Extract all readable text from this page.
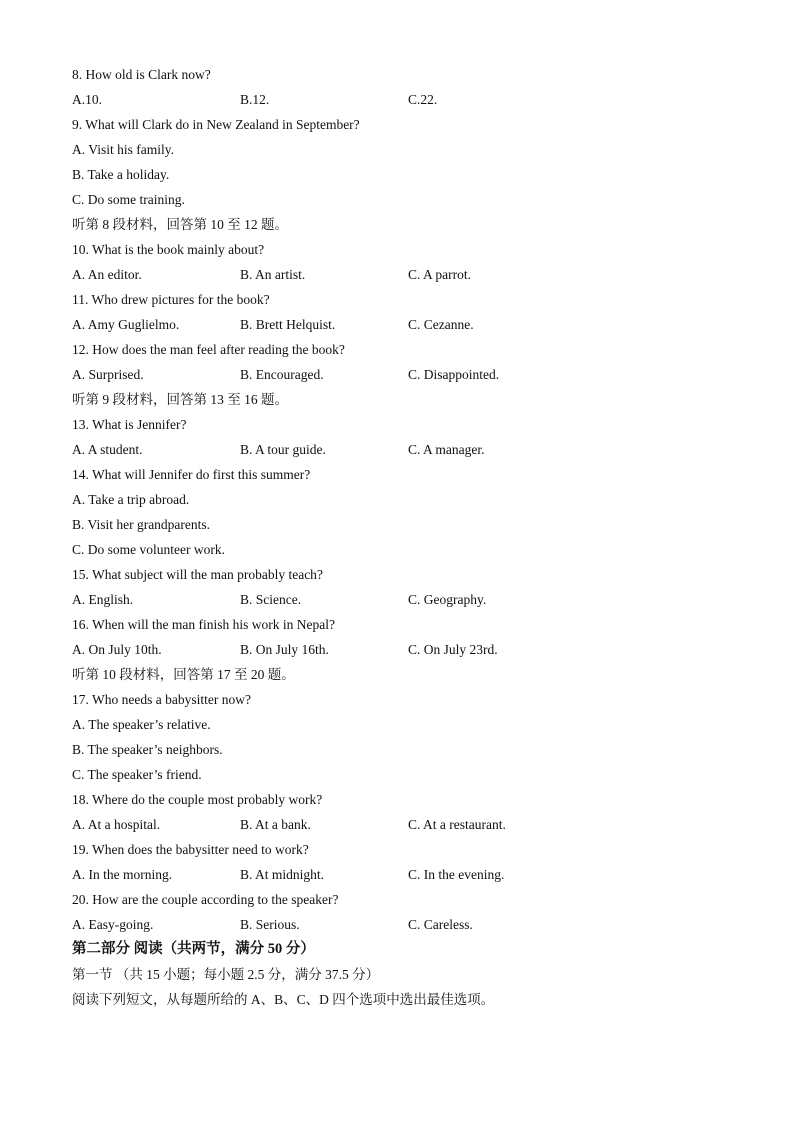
8. How old is Clark now?
A.10.	B.12.	C.22.
9. What will Clark do in New Zealand in September?
A. Visit his family.
B. Take a holiday.
C. Do some training.
听第 8 段材料，回答第 10 至 12 题。
10. What is the book mainly about?
A. An editor.	B. An artist.	C. A parrot.
11. Who drew pictures for the book?
A. Amy Guglielmo.	B. Brett Helquist.	C. Cezanne.
12. How does the man feel after reading the book?
A. Surprised.	B. Encouraged.	C. Disappointed.
听第 9 段材料，回答第 13 至 16 题。
13. What is Jennifer?
A. A student.	B. A tour guide.	C. A manager.
14. What will Jennifer do first this summer?
A. Take a trip abroad.
B. Visit her grandparents.
C. Do some volunteer work.
15. What subject will the man probably teach?
A. English.	B. Science.	C. Geography.
16. When will the man finish his work in Nepal?
A. On July 10th.	B. On July 16th.	C. On July 23rd.
听第 10 段材料，回答第 17 至 20 题。
17. Who needs a babysitter now?
A. The speaker’s relative.
B. The speaker’s neighbors.
C. The speaker’s friend.
18. Where do the couple most probably work?
A. At a hospital.	B. At a bank.	C. At a restaurant.
19. When does the babysitter need to work?
A. In the morning.	B. At midnight.	C. In the evening.
20. How are the couple according to the speaker?
A. Easy-going.	B. Serious.	C. Careless.
第二部分 阅读（共两节，满分 50 分）
第一节 （共 15 小题；每小题 2.5 分，满分 37.5 分）
阅读下列短文，从每题所给的 A、B、C、D 四个选项中选出最佳选项。
